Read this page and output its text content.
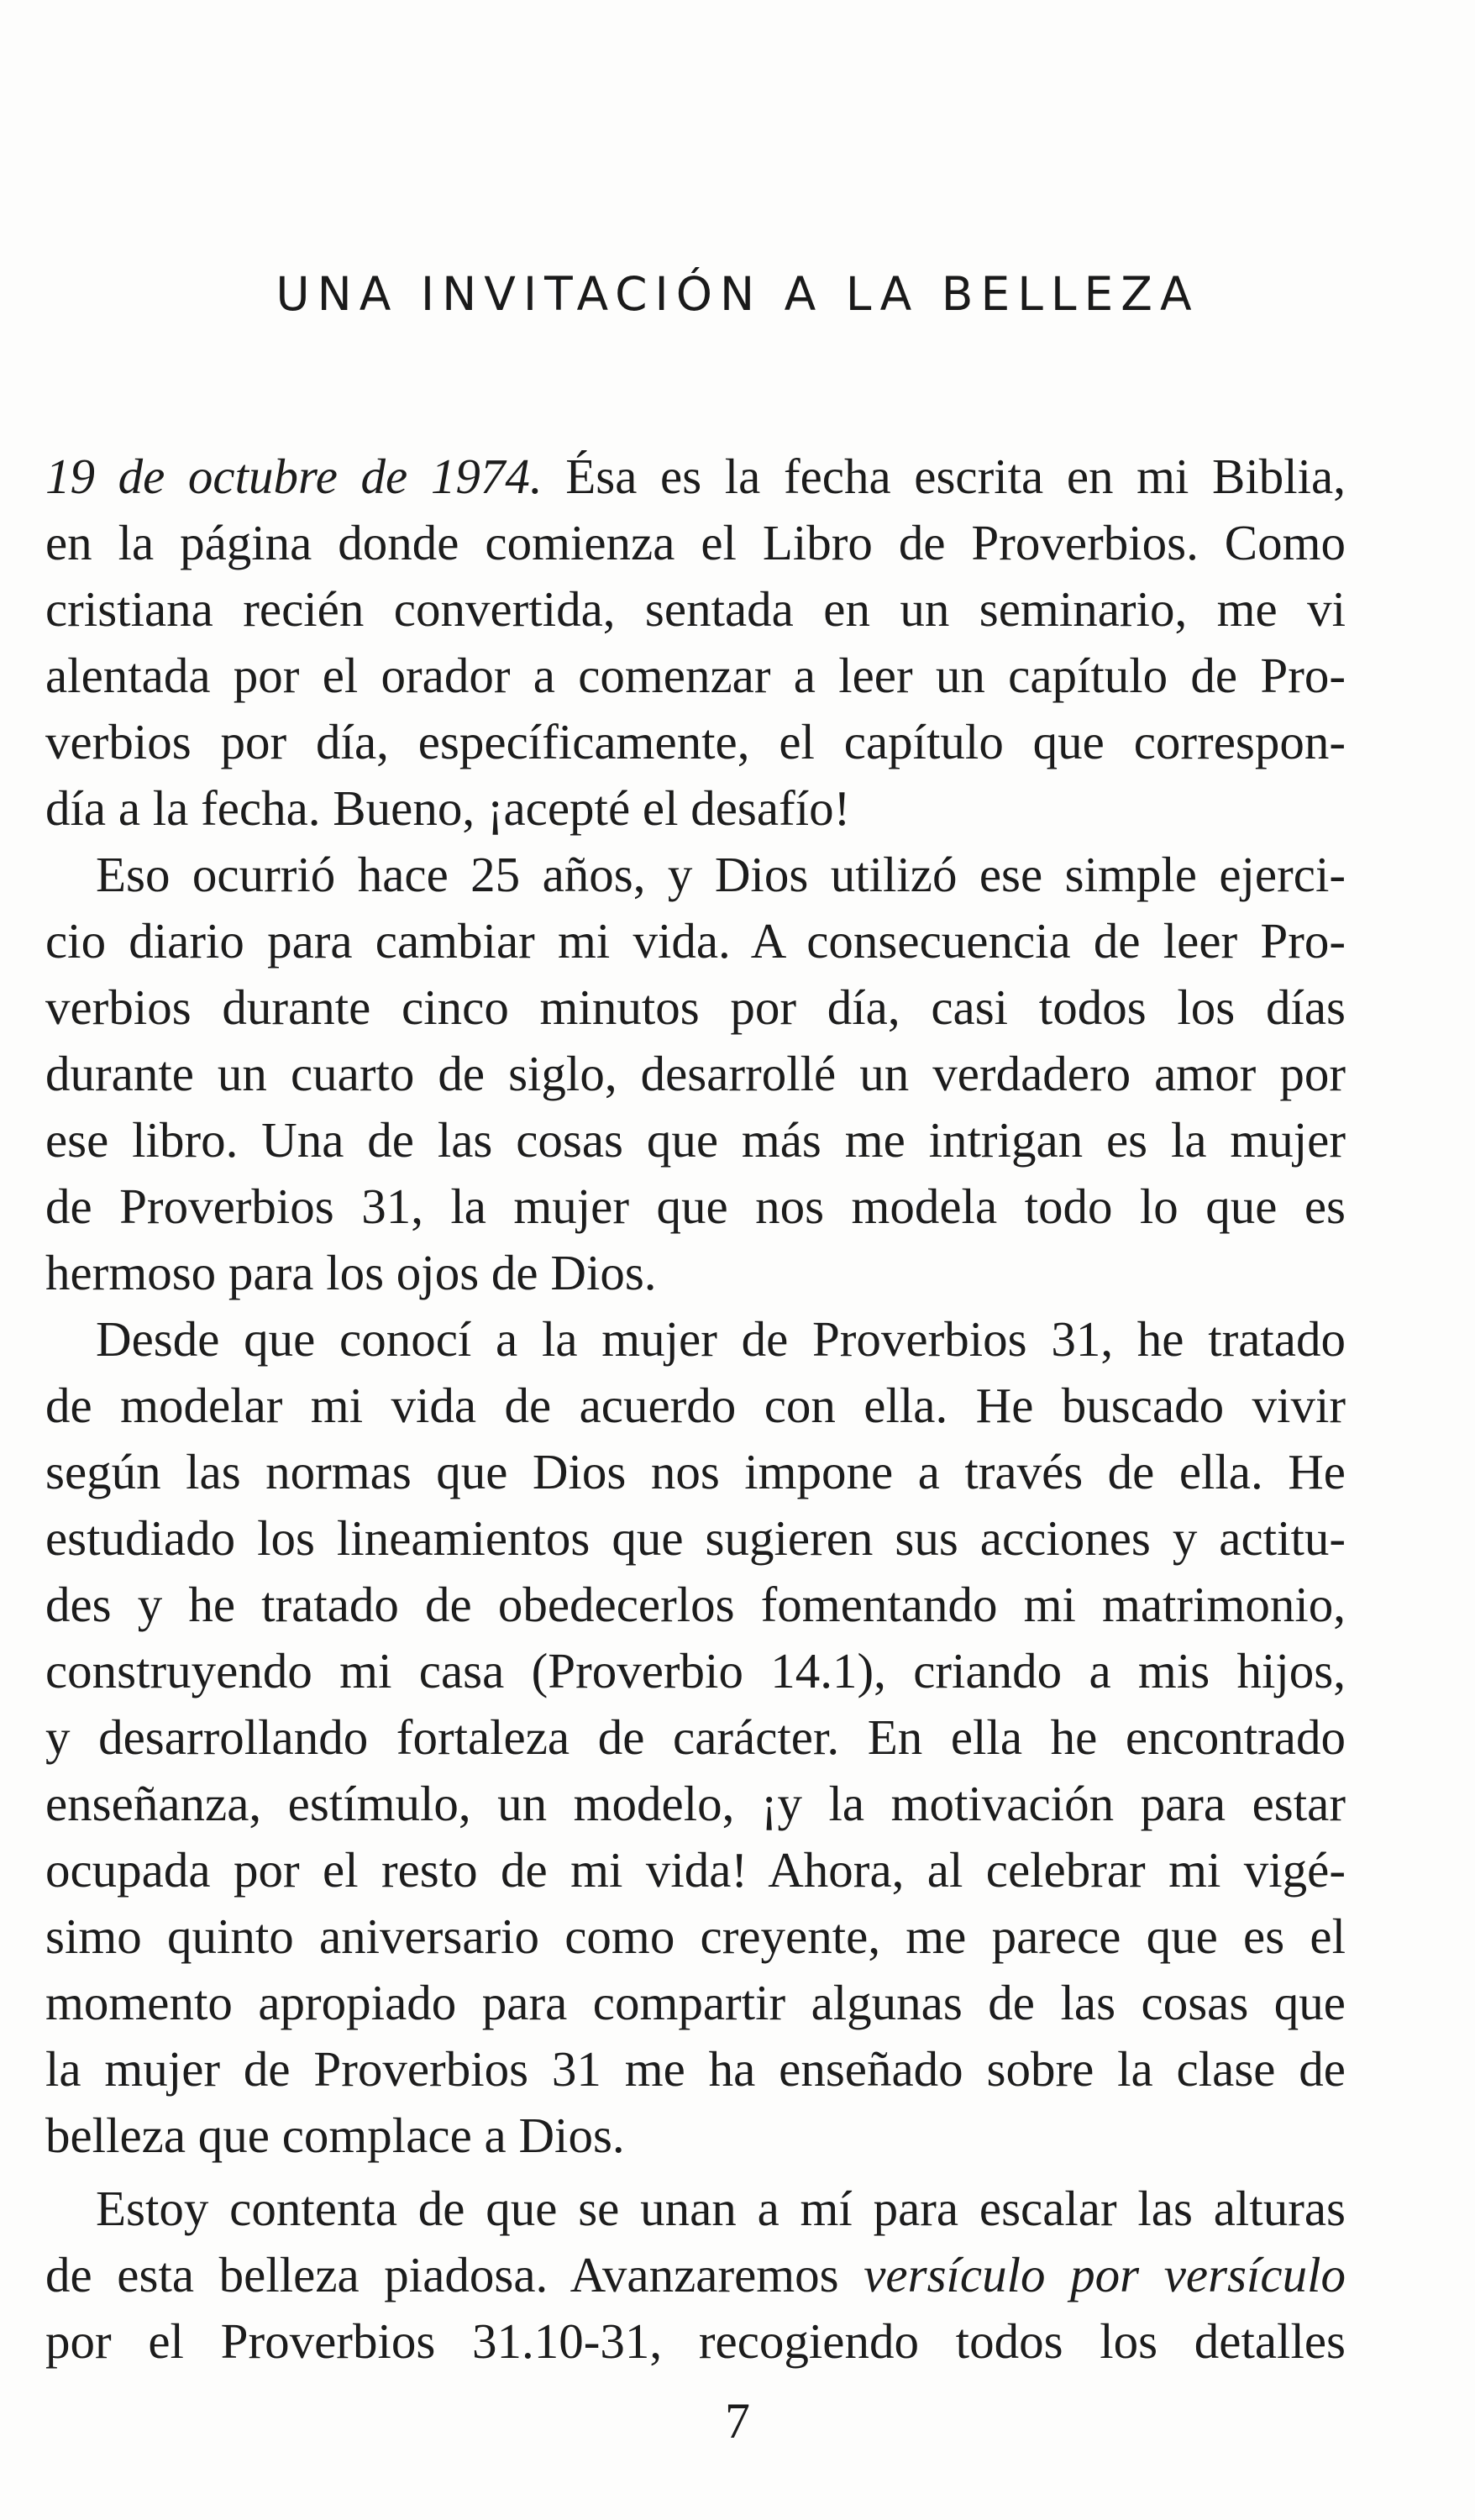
UNA INVITACIÓN A LA BELLEZA
19 de octubre de 1974. Ésa es la fecha escrita en mi Biblia,
en la página donde comienza el Libro de Proverbios. Como
cristiana recién convertida, sentada en un seminario, me vi
alentada por el orador a comenzar a leer un capítulo de Pro-
verbios por día, específicamente, el capítulo que correspon-
día a la fecha. Bueno, ¡acepté el desafío!
Eso ocurrió hace 25 años, y Dios utilizó ese simple ejerci-
cio diario para cambiar mi vida. A consecuencia de leer Pro-
verbios durante cinco minutos por día, casi todos los días
durante un cuarto de siglo, desarrollé un verdadero amor por
ese libro. Una de las cosas que más me intrigan es la mujer
de Proverbios 31, la mujer que nos modela todo lo que es
hermoso para los ojos de Dios.
Desde que conocí a la mujer de Proverbios 31, he tratado
de modelar mi vida de acuerdo con ella. He buscado vivir
según las normas que Dios nos impone a través de ella. He
estudiado los lineamientos que sugieren sus acciones y actitu-
des y he tratado de obedecerlos fomentando mi matrimonio,
construyendo mi casa (Proverbio 14.1), criando a mis hijos,
y desarrollando fortaleza de carácter. En ella he encontrado
enseñanza, estímulo, un modelo, ¡y la motivación para estar
ocupada por el resto de mi vida! Ahora, al celebrar mi vigé-
simo quinto aniversario como creyente, me parece que es el
momento apropiado para compartir algunas de las cosas que
la mujer de Proverbios 31 me ha enseñado sobre la clase de
belleza que complace a Dios.
Estoy contenta de que se unan a mí para escalar las alturas
de esta belleza piadosa. Avanzaremos versículo por versículo
por el Proverbios 31.10-31, recogiendo todos los detalles
7
